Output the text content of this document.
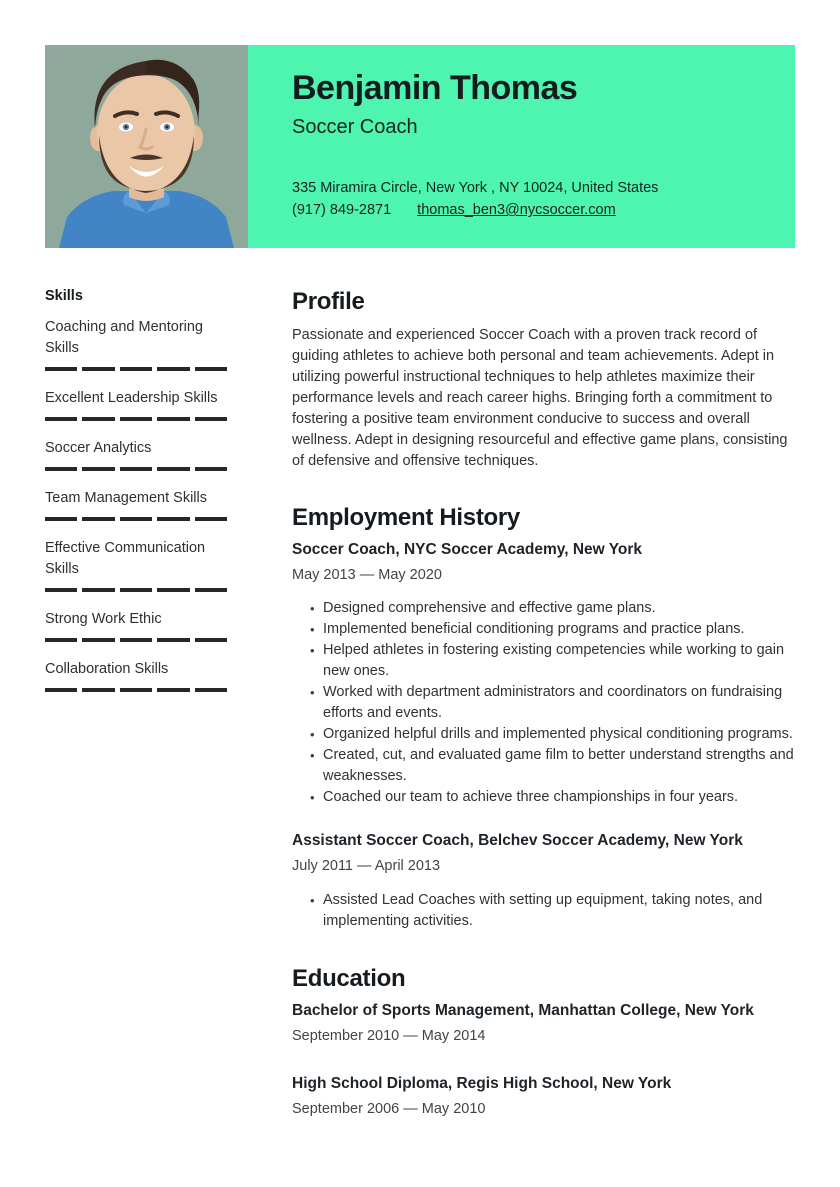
Benjamin Thomas
Soccer Coach
335 Miramira Circle, New York , NY 10024, United States
(917) 849-2871 thomas_ben3@nycsoccer.com
Skills
Coaching and Mentoring Skills
Excellent Leadership Skills
Soccer Analytics
Team Management Skills
Effective Communication Skills
Strong Work Ethic
Collaboration Skills
Profile

Passionate and experienced Soccer Coach with a proven track record of guiding athletes to achieve both personal and team achievements. Adept in utilizing powerful instructional techniques to help athletes maximize their performance levels and reach career highs. Bringing forth a commitment to fostering a positive team environment conducive to success and overall wellness. Adept in designing resourceful and effective game plans, consisting of defensive and offensive techniques.

Employment History
Soccer Coach, NYC Soccer Academy, New York
May 2013 — May 2020
• Designed comprehensive and effective game plans.
• Implemented beneficial conditioning programs and practice plans.
• Helped athletes in fostering existing competencies while working to gain new ones.
• Worked with department administrators and coordinators on fundraising efforts and events.
• Organized helpful drills and implemented physical conditioning programs.
• Created, cut, and evaluated game film to better understand strengths and weaknesses.
• Coached our team to achieve three championships in four years.
Assistant Soccer Coach, Belchev Soccer Academy, New York
July 2011 — April 2013
• Assisted Lead Coaches with setting up equipment, taking notes, and implementing activities.
Education
Bachelor of Sports Management, Manhattan College, New York
September 2010 — May 2014
High School Diploma, Regis High School, New York
September 2006 — May 2010
